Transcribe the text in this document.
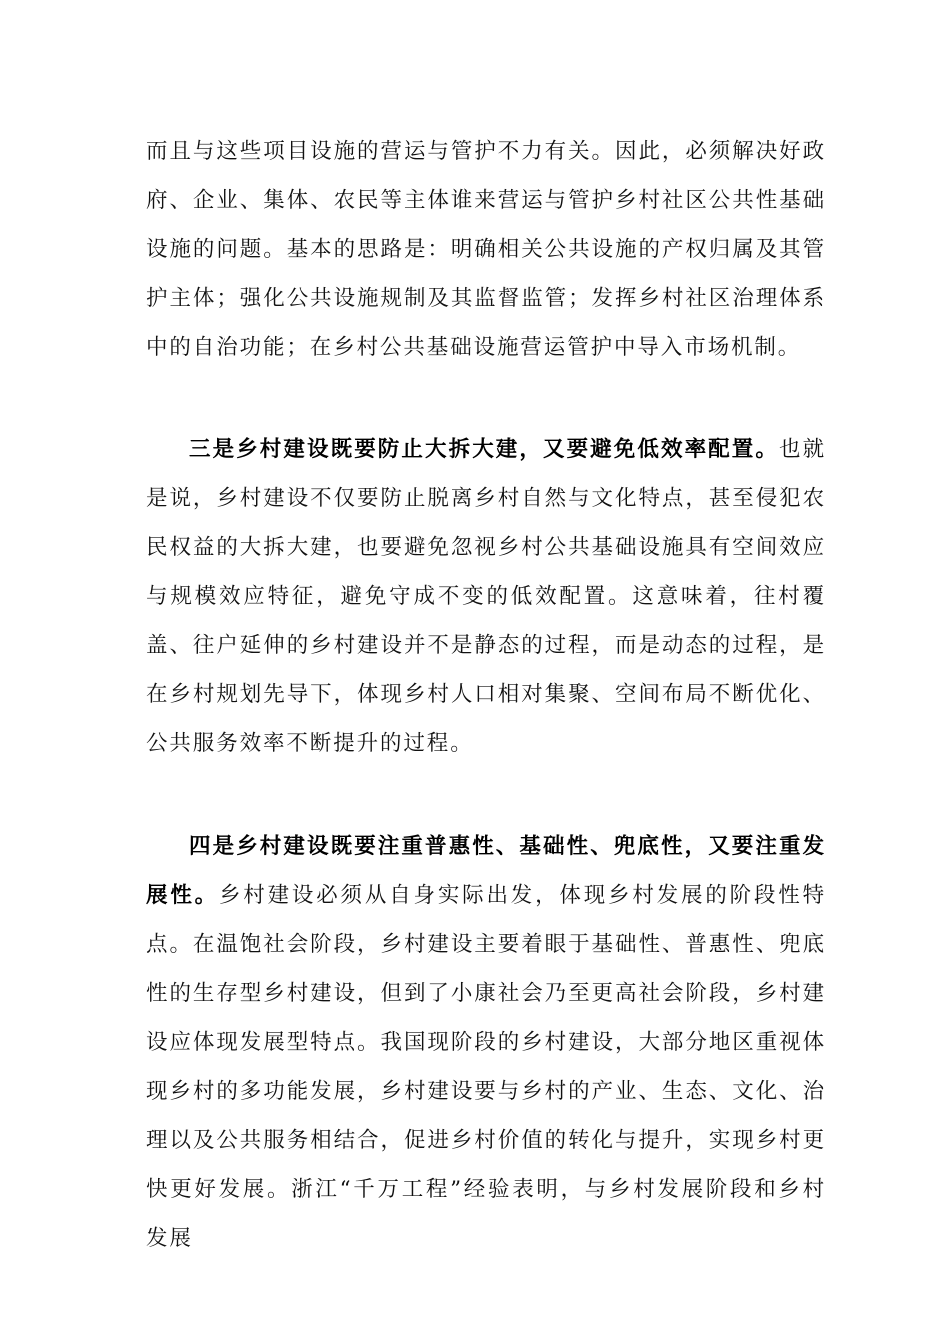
而且与这些项目设施的营运与管护不力有关。因此，必须解决好政府、企业、集体、农民等主体谁来营运与管护乡村社区公共性基础设施的问题。基本的思路是：明确相关公共设施的产权归属及其管护主体；强化公共设施规制及其监督监管；发挥乡村社区治理体系中的自治功能；在乡村公共基础设施营运管护中导入市场机制。

三是乡村建设既要防止大拆大建，又要避免低效率配置。也就是说，乡村建设不仅要防止脱离乡村自然与文化特点，甚至侵犯农民权益的大拆大建，也要避免忽视乡村公共基础设施具有空间效应与规模效应特征，避免守成不变的低效配置。这意味着，往村覆盖、往户延伸的乡村建设并不是静态的过程，而是动态的过程，是在乡村规划先导下，体现乡村人口相对集聚、空间布局不断优化、公共服务效率不断提升的过程。

四是乡村建设既要注重普惠性、基础性、兜底性，又要注重发展性。乡村建设必须从自身实际出发，体现乡村发展的阶段性特点。在温饱社会阶段，乡村建设主要着眼于基础性、普惠性、兜底性的生存型乡村建设，但到了小康社会乃至更高社会阶段，乡村建设应体现发展型特点。我国现阶段的乡村建设，大部分地区重视体现乡村的多功能发展，乡村建设要与乡村的产业、生态、文化、治理以及公共服务相结合，促进乡村价值的转化与提升，实现乡村更快更好发展。浙江“千万工程”经验表明，与乡村发展阶段和乡村发展
